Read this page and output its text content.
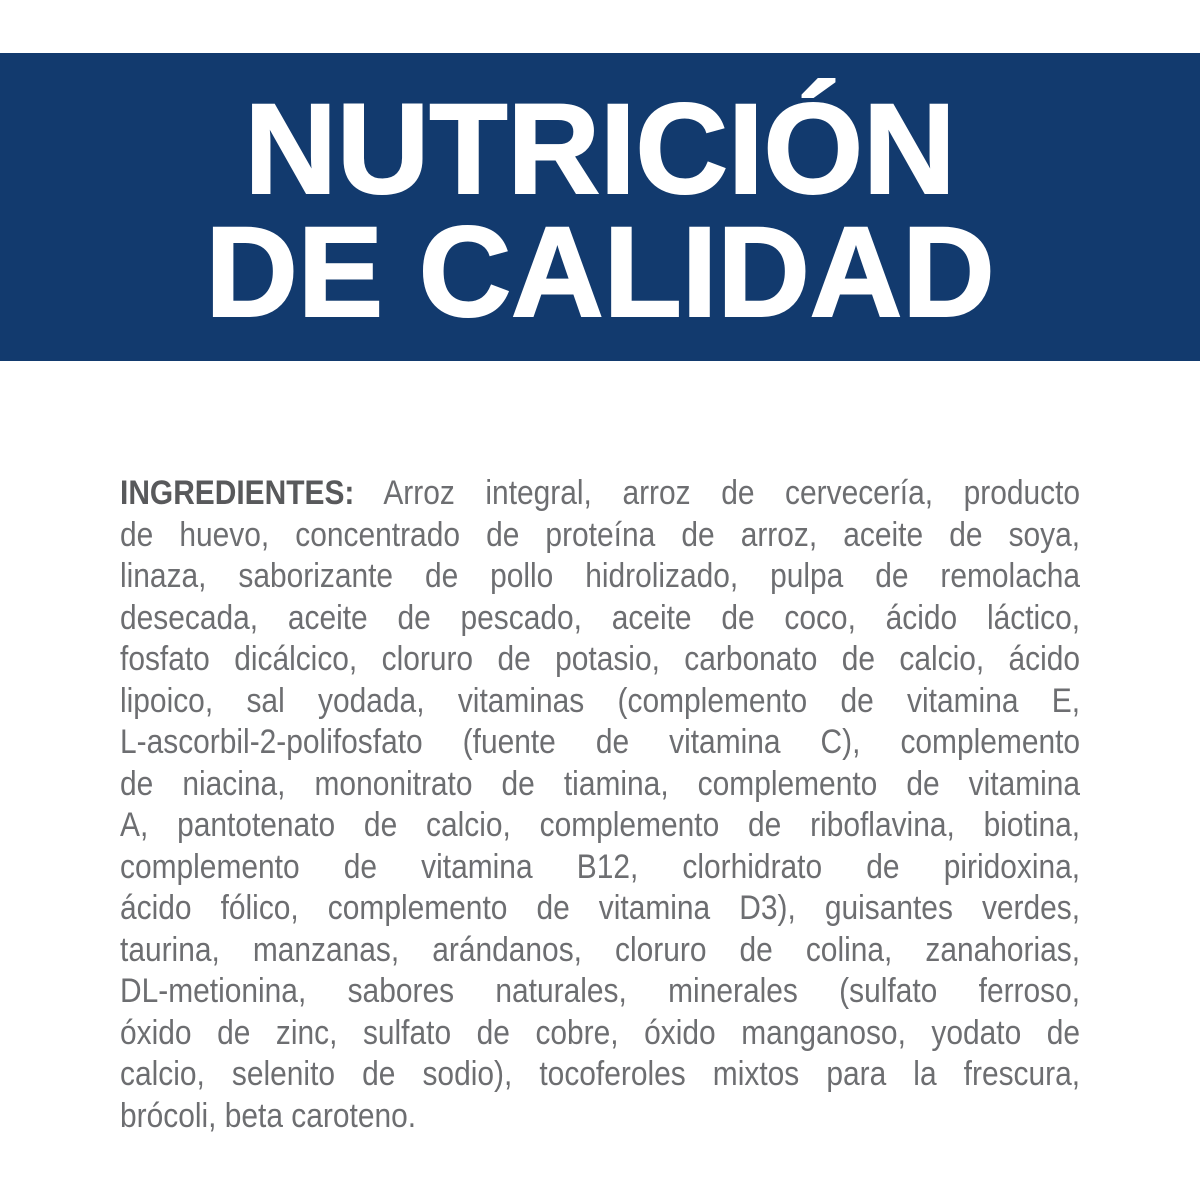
NUTRICIÓN
DE CALIDAD
INGREDIENTES: Arroz integral, arroz de cervecería, producto
de huevo, concentrado de proteína de arroz, aceite de soya,
linaza, saborizante de pollo hidrolizado, pulpa de remolacha
desecada, aceite de pescado, aceite de coco, ácido láctico,
fosfato dicálcico, cloruro de potasio, carbonato de calcio, ácido
lipoico, sal yodada, vitaminas (complemento de vitamina E,
L-ascorbil-2-polifosfato (fuente de vitamina C), complemento
de niacina, mononitrato de tiamina, complemento de vitamina
A, pantotenato de calcio, complemento de riboflavina, biotina,
complemento de vitamina B12, clorhidrato de piridoxina,
ácido fólico, complemento de vitamina D3), guisantes verdes,
taurina, manzanas, arándanos, cloruro de colina, zanahorias,
DL-metionina, sabores naturales, minerales (sulfato ferroso,
óxido de zinc, sulfato de cobre, óxido manganoso, yodato de
calcio, selenito de sodio), tocoferoles mixtos para la frescura,
brócoli, beta caroteno.
